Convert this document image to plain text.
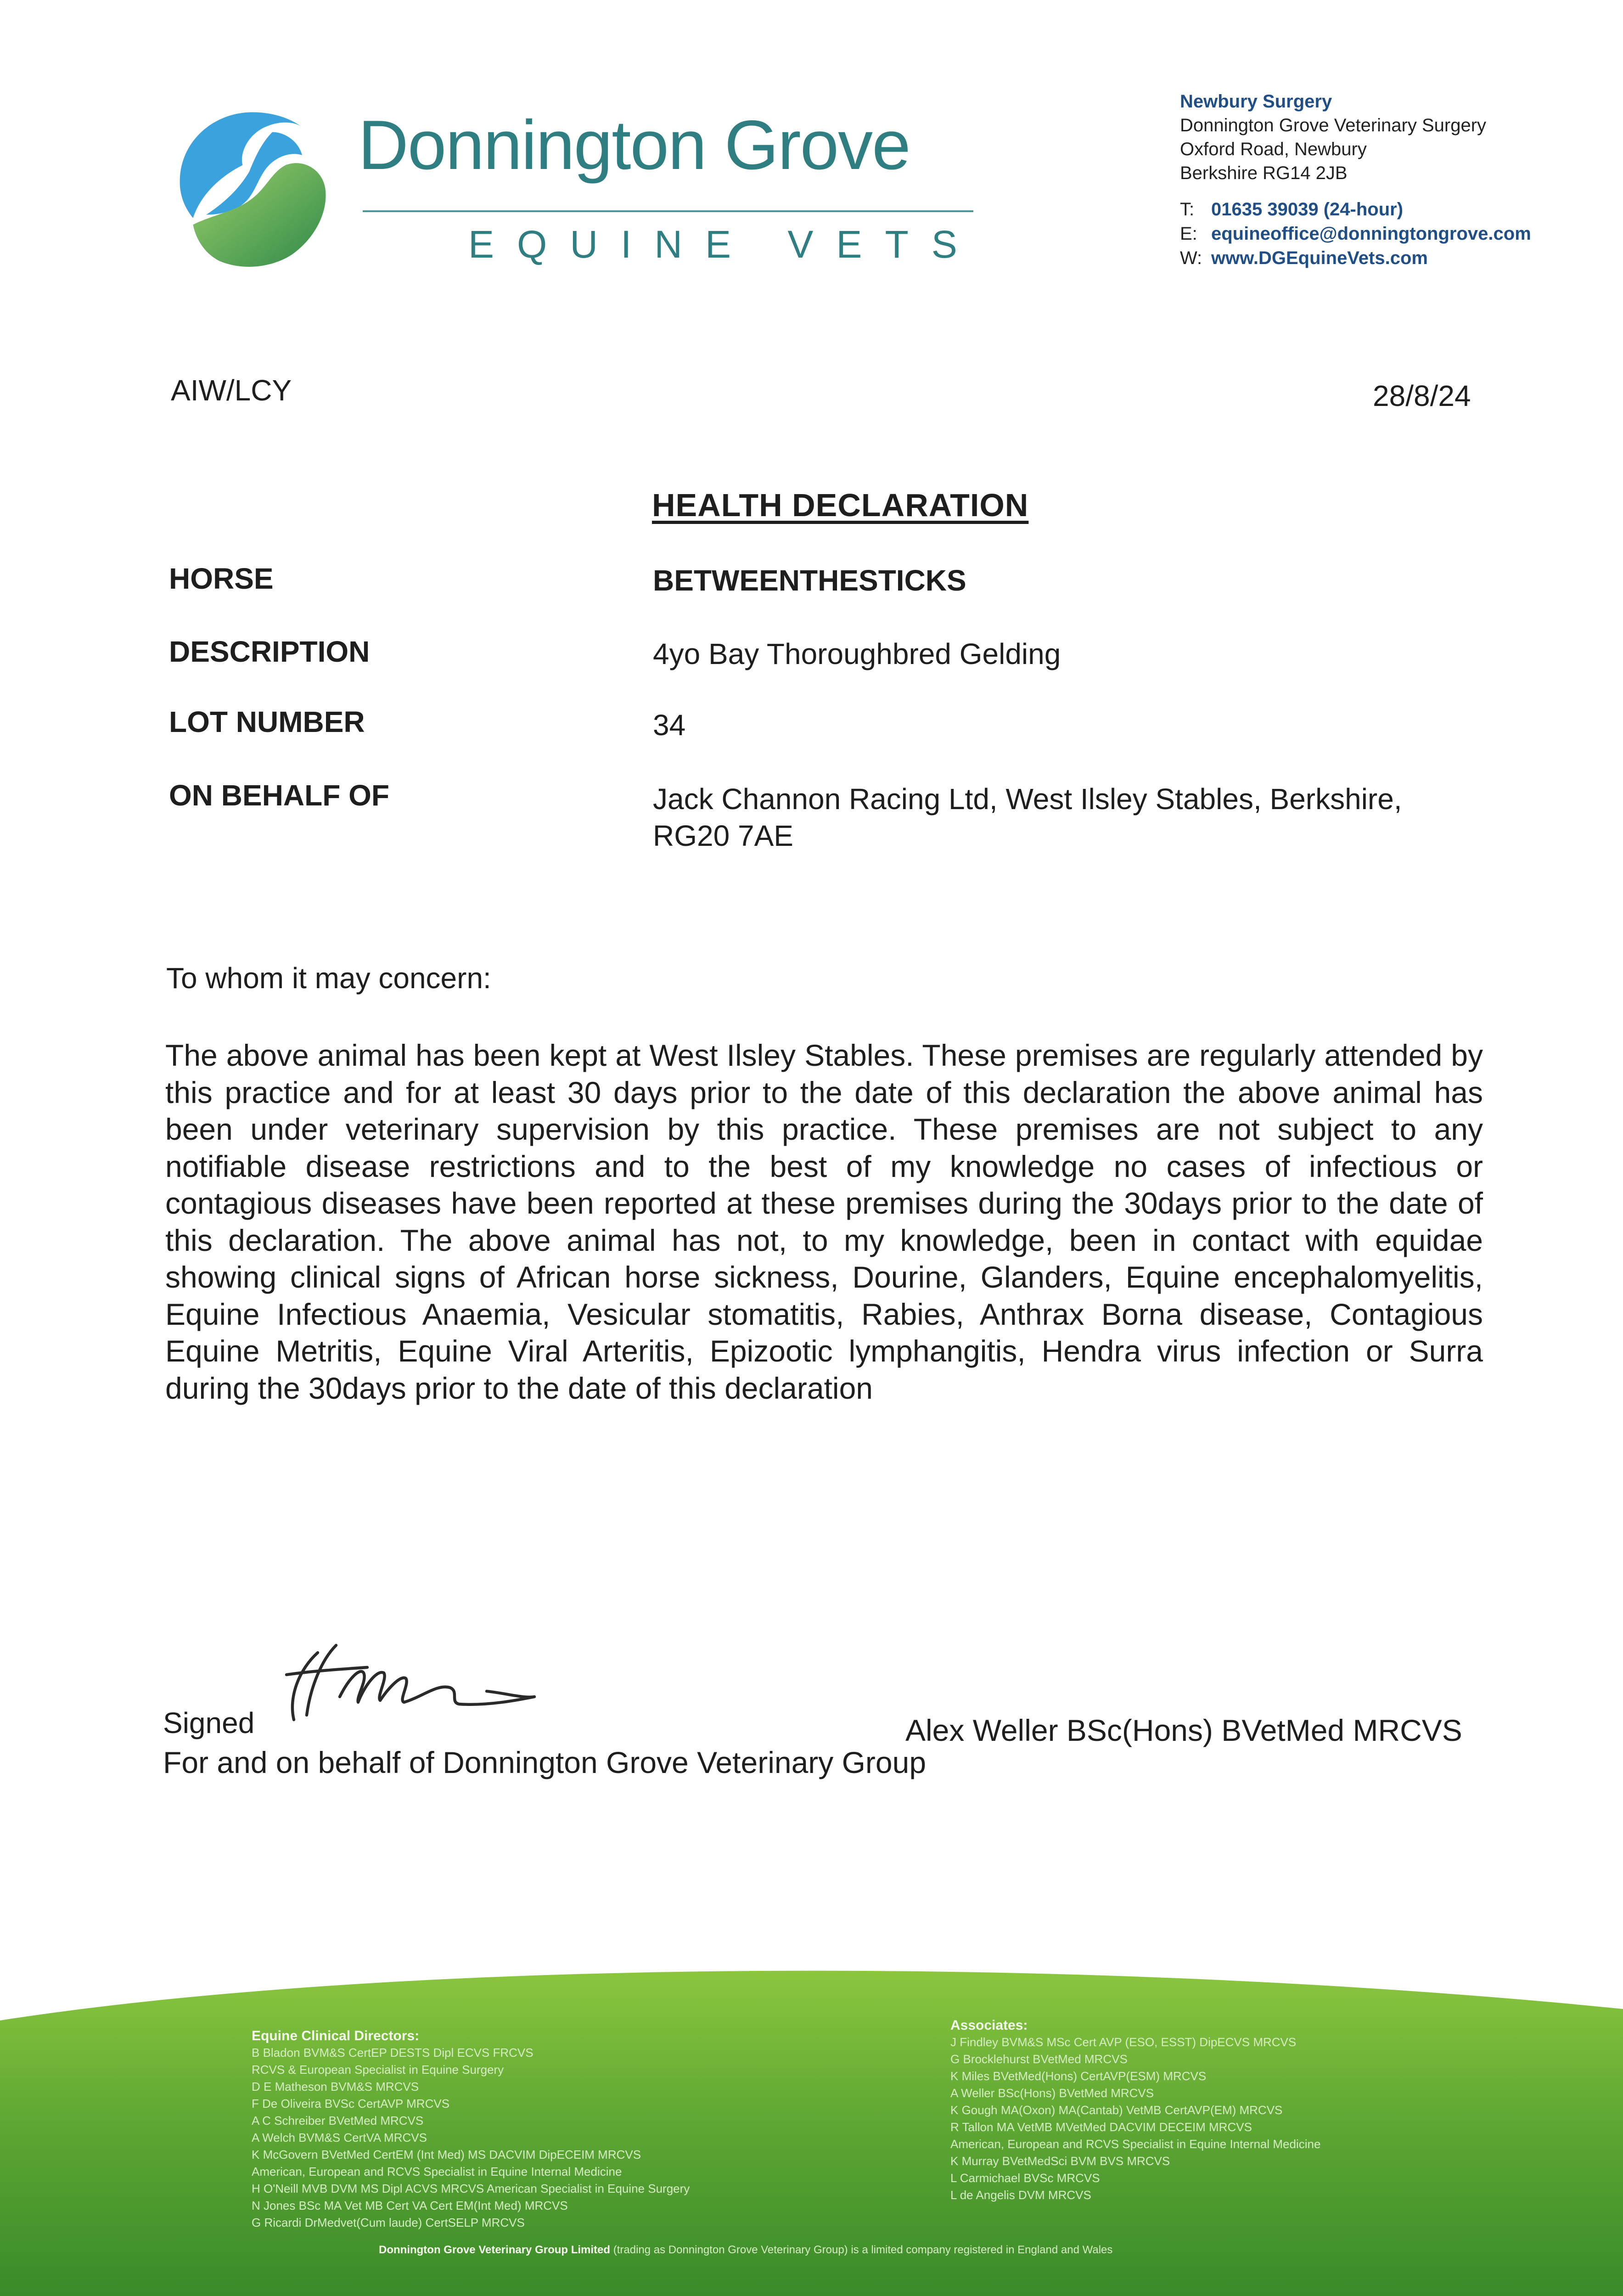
Donnington Grove
EQUINE VETS
Newbury Surgery
Donnington Grove Veterinary Surgery
Oxford Road, Newbury
Berkshire RG14 2JB
T: 01635 39039 (24-hour)
E: equineoffice@donningtongrove.com
W: www.DGEquineVets.com
AIW/LCY	28/8/24
HEALTH DECLARATION
HORSE	BETWEENTHESTICKS
DESCRIPTION	4yo Bay Thoroughbred Gelding
LOT NUMBER	34
ON BEHALF OF	Jack Channon Racing Ltd, West Ilsley Stables, Berkshire, RG20 7AE
To whom it may concern:
The above animal has been kept at West Ilsley Stables. These premises are regularly attended by this practice and for at least 30 days prior to the date of this declaration the above animal has been under veterinary supervision by this practice. These premises are not subject to any notifiable disease restrictions and to the best of my knowledge no cases of infectious or contagious diseases have been reported at these premises during the 30days prior to the date of this declaration. The above animal has not, to my knowledge, been in contact with equidae showing clinical signs of African horse sickness, Dourine, Glanders, Equine encephalomyelitis, Equine Infectious Anaemia, Vesicular stomatitis, Rabies, Anthrax Borna disease, Contagious Equine Metritis, Equine Viral Arteritis, Epizootic lymphangitis, Hendra virus infection or Surra during the 30days prior to the date of this declaration
Signed	Alex Weller BSc(Hons) BVetMed MRCVS
For and on behalf of Donnington Grove Veterinary Group
Equine Clinical Directors:
B Bladon BVM&S CertEP DESTS Dipl ECVS FRCVS
RCVS & European Specialist in Equine Surgery
D E Matheson BVM&S MRCVS
F De Oliveira BVSc CertAVP MRCVS
A C Schreiber BVetMed MRCVS
A Welch BVM&S CertVA MRCVS
K McGovern BVetMed CertEM (Int Med) MS DACVIM DipECEIM MRCVS
American, European and RCVS Specialist in Equine Internal Medicine
H O'Neill MVB DVM MS Dipl ACVS MRCVS American Specialist in Equine Surgery
N Jones BSc MA Vet MB Cert VA Cert EM(Int Med) MRCVS
G Ricardi DrMedvet(Cum laude) CertSELP MRCVS
Associates:
J Findley BVM&S MSc Cert AVP (ESO, ESST) DipECVS MRCVS
G Brocklehurst BVetMed MRCVS
K Miles BVetMed(Hons) CertAVP(ESM) MRCVS
A Weller BSc(Hons) BVetMed MRCVS
K Gough MA(Oxon) MA(Cantab) VetMB CertAVP(EM) MRCVS
R Tallon MA VetMB MVetMed DACVIM DECEIM MRCVS
American, European and RCVS Specialist in Equine Internal Medicine
K Murray BVetMedSci BVM BVS MRCVS
L Carmichael BVSc MRCVS
L de Angelis DVM MRCVS
Donnington Grove Veterinary Group Limited (trading as Donnington Grove Veterinary Group) is a limited company registered in England and Wales
